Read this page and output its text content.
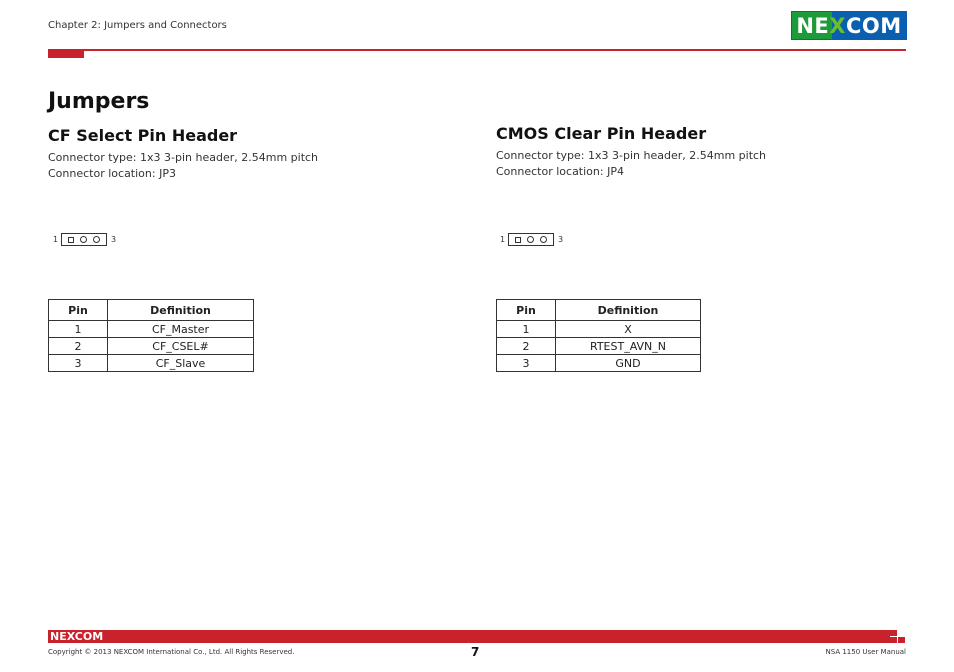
Chapter 2: Jumpers and Connectors	NE X COM
Jumpers
CF Select Pin Header
Connector type: 1x3 3-pin header, 2.54mm pitch
Connector location: JP3
1	3
Pin	Definition
1	CF_Master
2	CF_CSEL#
3	CF_Slave
CMOS Clear Pin Header
Connector type: 1x3 3-pin header, 2.54mm pitch
Connector location: JP4
1	3
Pin	Definition
1	X
2	RTEST_AVN_N
3	GND
NEXCOM
Copyright © 2013 NEXCOM International Co., Ltd. All Rights Reserved.	7	NSA 1150 User Manual
